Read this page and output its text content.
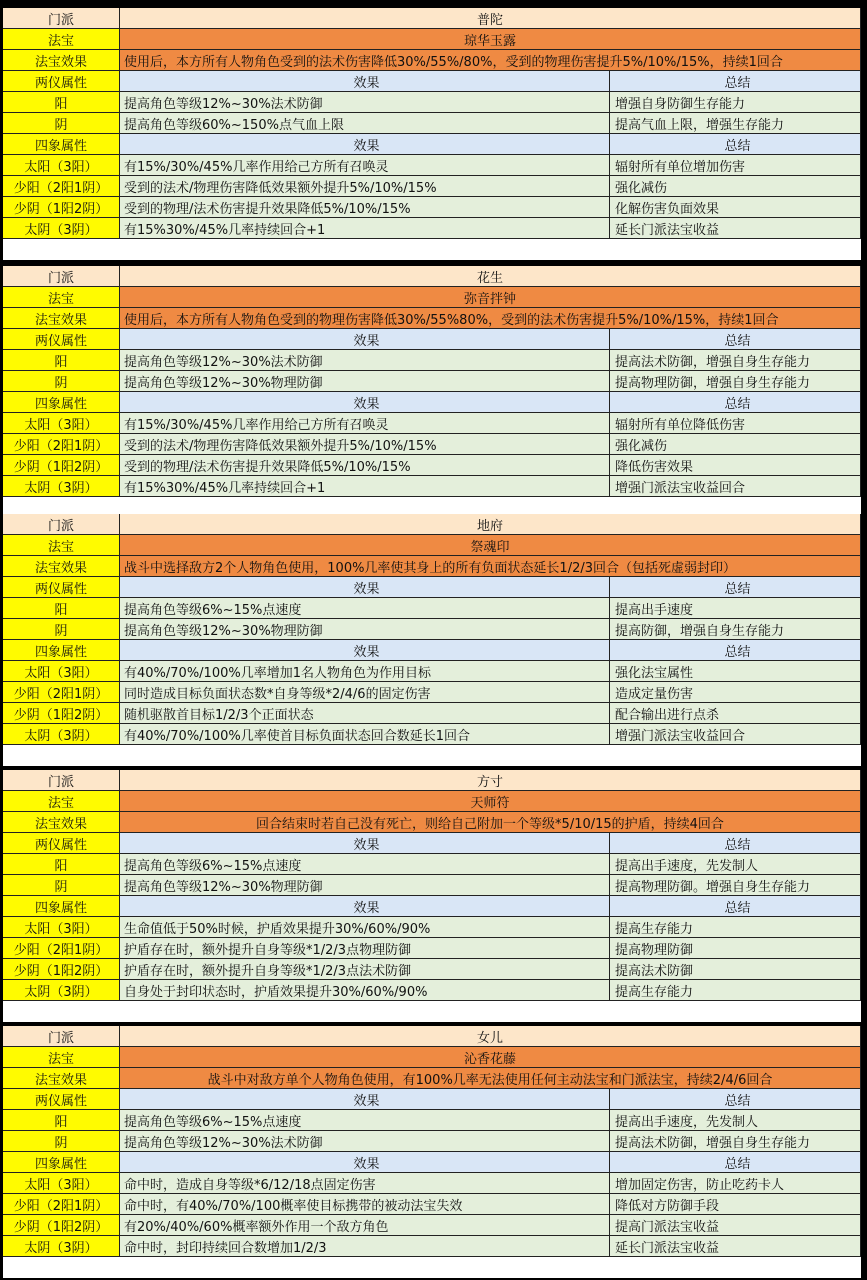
门派	普陀
法宝	琼华玉露
法宝效果	使用后，本方所有人物角色受到的法术伤害降低30%/55%/80%，受到的物理伤害提升5%/10%/15%，持续1回合
两仪属性	效果	总结
阳	提高角色等级12%~30%法术防御	增强自身防御生存能力
阴	提高角色等级60%~150%点气血上限	提高气血上限，增强生存能力
四象属性	效果	总结
太阳（3阳）	有15%/30%/45%几率作用给己方所有召唤灵	辐射所有单位增加伤害
少阳（2阳1阴）	受到的法术/物理伤害降低效果额外提升5%/10%/15%	强化减伤
少阴（1阳2阴）	受到的物理/法术伤害提升效果降低5%/10%/15%	化解伤害负面效果
太阴（3阴）	有15%30%/45%几率持续回合+1	延长门派法宝收益
门派	花生
法宝	弥音拌钟
法宝效果	使用后，本方所有人物角色受到的物理伤害降低30%/55%80%，受到的法术伤害提升5%/10%/15%，持续1回合
两仪属性	效果	总结
阳	提高角色等级12%~30%法术防御	提高法术防御，增强自身生存能力
阴	提高角色等级12%~30%物理防御	提高物理防御，增强自身生存能力
四象属性	效果	总结
太阳（3阳）	有15%/30%/45%几率作用给己方所有召唤灵	辐射所有单位降低伤害
少阳（2阳1阴）	受到的法术/物理伤害降低效果额外提升5%/10%/15%	强化减伤
少阴（1阳2阴）	受到的物理/法术伤害提升效果降低5%/10%/15%	降低伤害效果
太阴（3阴）	有15%30%/45%几率持续回合+1	增强门派法宝收益回合
门派	地府
法宝	祭魂印
法宝效果	战斗中选择敌方2个人物角色使用，100%几率使其身上的所有负面状态延长1/2/3回合（包括死虚弱封印）
两仪属性	效果	总结
阳	提高角色等级6%~15%点速度	提高出手速度
阴	提高角色等级12%~30%物理防御	提高防御，增强自身生存能力
四象属性	效果	总结
太阳（3阳）	有40%/70%/100%几率增加1名人物角色为作用目标	强化法宝属性
少阳（2阳1阴）	同时造成目标负面状态数*自身等级*2/4/6的固定伤害	造成定量伤害
少阴（1阳2阴）	随机驱散首目标1/2/3个正面状态	配合输出进行点杀
太阴（3阴）	有40%/70%/100%几率使首目标负面状态回合数延长1回合	增强门派法宝收益回合
门派	方寸
法宝	天师符
法宝效果	回合结束时若自己没有死亡，则给自己附加一个等级*5/10/15的护盾，持续4回合
两仪属性	效果	总结
阳	提高角色等级6%~15%点速度	提高出手速度，先发制人
阴	提高角色等级12%~30%物理防御	提高物理防御。增强自身生存能力
四象属性	效果	总结
太阳（3阳）	生命值低于50%时候，护盾效果提升30%/60%/90%	提高生存能力
少阳（2阳1阴）	护盾存在时，额外提升自身等级*1/2/3点物理防御	提高物理防御
少阴（1阳2阴）	护盾存在时，额外提升自身等级*1/2/3点法术防御	提高法术防御
太阴（3阴）	自身处于封印状态时，护盾效果提升30%/60%/90%	提高生存能力
门派	女儿
法宝	沁香花藤
法宝效果	战斗中对敌方单个人物角色使用，有100%几率无法使用任何主动法宝和门派法宝，持续2/4/6回合
两仪属性	效果	总结
阳	提高角色等级6%~15%点速度	提高出手速度，先发制人
阴	提高角色等级12%~30%法术防御	提高法术防御，增强自身生存能力
四象属性	效果	总结
太阳（3阳）	命中时，造成自身等级*6/12/18点固定伤害	增加固定伤害，防止吃药卡人
少阳（2阳1阴）	命中时，有40%/70%/100概率使目标携带的被动法宝失效	降低对方防御手段
少阴（1阳2阴）	有20%/40%/60%概率额外作用一个敌方角色	提高门派法宝收益
太阴（3阴）	命中时，封印持续回合数增加1/2/3	延长门派法宝收益
